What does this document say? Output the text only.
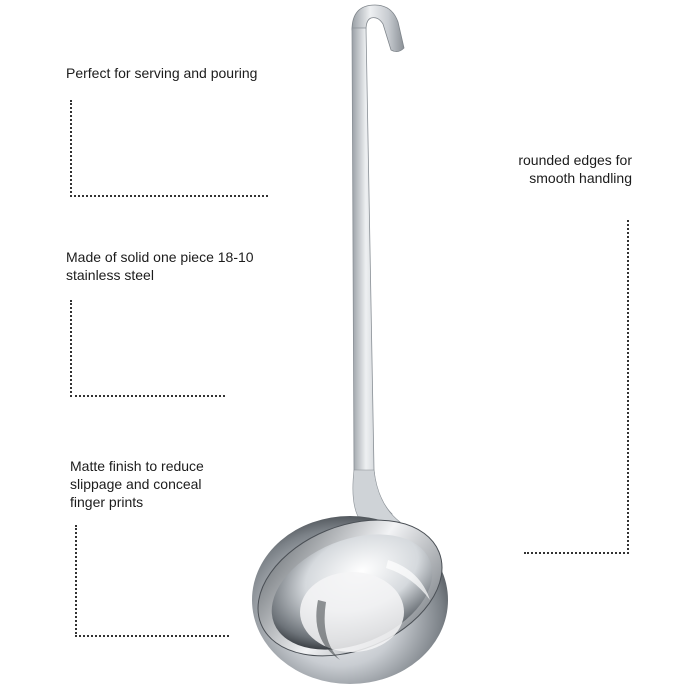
Perfect for serving and pouring

Made of solid one piece 18-10
stainless steel

Matte finish to reduce
slippage and conceal
finger prints

rounded edges for
smooth handling
